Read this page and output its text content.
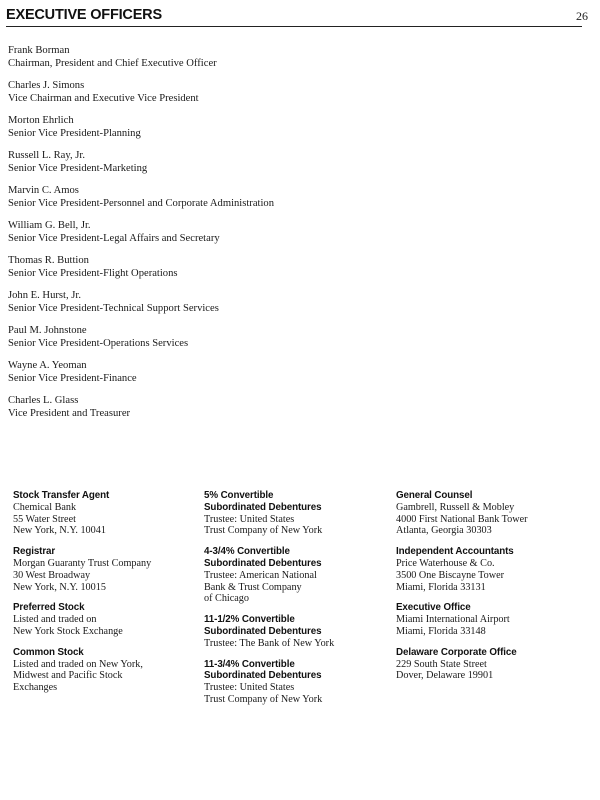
EXECUTIVE OFFICERS	26
Frank Borman
Chairman, President and Chief Executive Officer
Charles J. Simons
Vice Chairman and Executive Vice President
Morton Ehrlich
Senior Vice President-Planning
Russell L. Ray, Jr.
Senior Vice President-Marketing
Marvin C. Amos
Senior Vice President-Personnel and Corporate Administration
William G. Bell, Jr.
Senior Vice President-Legal Affairs and Secretary
Thomas R. Buttion
Senior Vice President-Flight Operations
John E. Hurst, Jr.
Senior Vice President-Technical Support Services
Paul M. Johnstone
Senior Vice President-Operations Services
Wayne A. Yeoman
Senior Vice President-Finance
Charles L. Glass
Vice President and Treasurer
Stock Transfer Agent
Chemical Bank
55 Water Street
New York, N.Y. 10041
Registrar
Morgan Guaranty Trust Company
30 West Broadway
New York, N.Y. 10015
Preferred Stock
Listed and traded on
New York Stock Exchange
Common Stock
Listed and traded on New York,
Midwest and Pacific Stock
Exchanges
5% Convertible
Subordinated Debentures
Trustee: United States
Trust Company of New York
4-3/4% Convertible
Subordinated Debentures
Trustee: American National
Bank & Trust Company
of Chicago
11-1/2% Convertible
Subordinated Debentures
Trustee: The Bank of New York
11-3/4% Convertible
Subordinated Debentures
Trustee: United States
Trust Company of New York
General Counsel
Gambrell, Russell & Mobley
4000 First National Bank Tower
Atlanta, Georgia 30303
Independent Accountants
Price Waterhouse & Co.
3500 One Biscayne Tower
Miami, Florida 33131
Executive Office
Miami International Airport
Miami, Florida 33148
Delaware Corporate Office
229 South State Street
Dover, Delaware 19901
